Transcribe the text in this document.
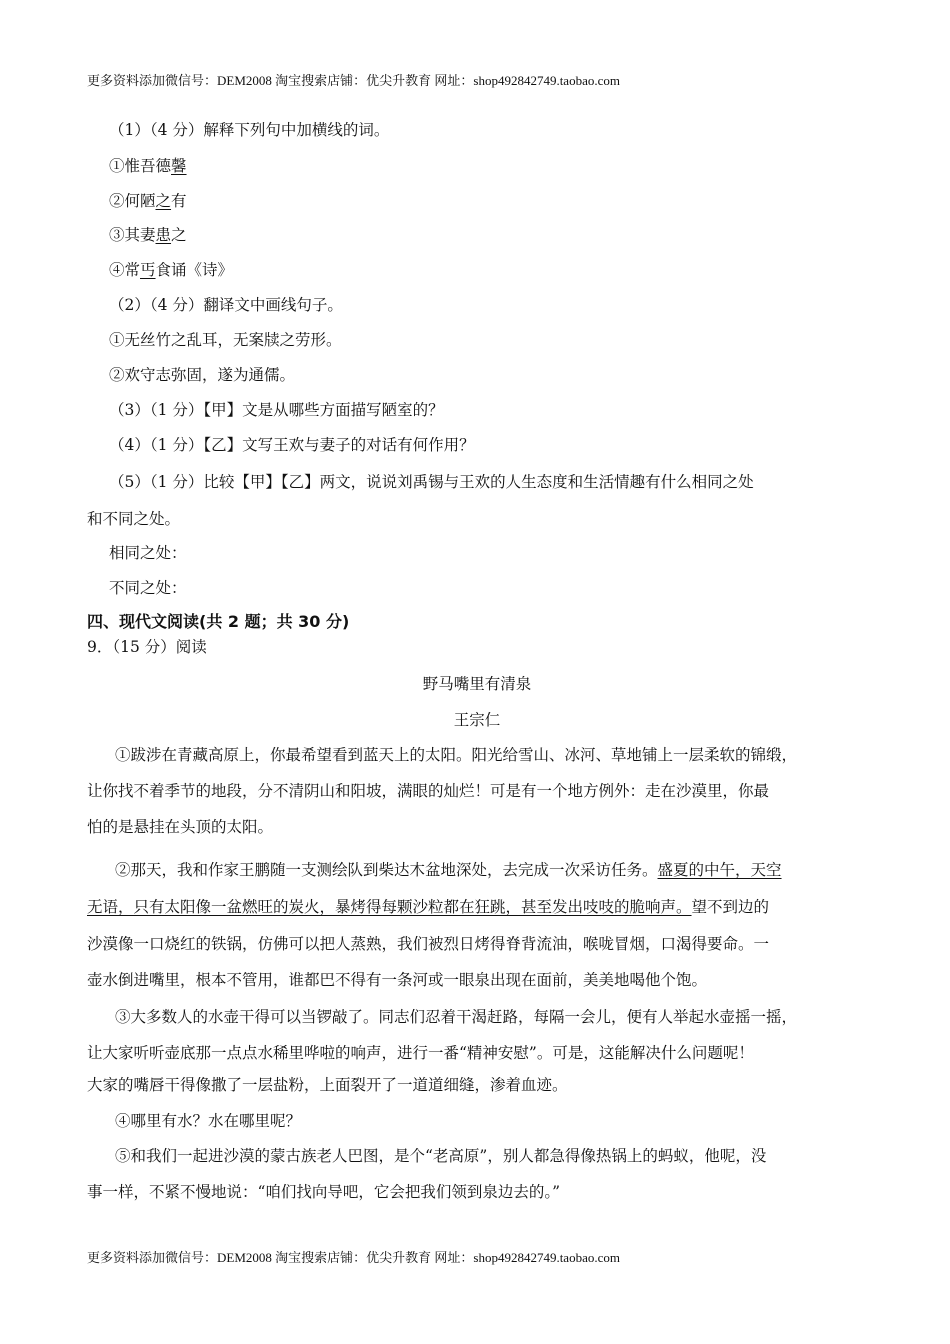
更多资料添加微信号：DEM2008 淘宝搜索店铺：优尖升教育 网址：shop492842749.taobao.com
（1）（4 分）解释下列句中加横线的词。
①惟吾德馨
②何陋之有
③其妻患之
④常丐食诵《诗》
（2）（4 分）翻译文中画线句子。
①无丝竹之乱耳，无案牍之劳形。
②欢守志弥固，遂为通儒。
（3）（1 分）【甲】文是从哪些方面描写陋室的？
（4）（1 分）【乙】文写王欢与妻子的对话有何作用？
（5）（1 分）比较【甲】【乙】两文，说说刘禹锡与王欢的人生态度和生活情趣有什么相同之处
和不同之处。
相同之处：
不同之处：
四、现代文阅读(共 2 题；共 30 分)
9．（15 分）阅读
野马嘴里有清泉
王宗仁
①跋涉在青藏高原上，你最希望看到蓝天上的太阳。阳光给雪山、冰河、草地铺上一层柔软的锦缎，
让你找不着季节的地段，分不清阴山和阳坡，满眼的灿烂！可是有一个地方例外：走在沙漠里，你最
怕的是悬挂在头顶的太阳。
②那天，我和作家王鹏随一支测绘队到柴达木盆地深处，去完成一次采访任务。盛夏的中午，天空
无语，只有太阳像一盆燃旺的炭火，暴烤得每颗沙粒都在狂跳，甚至发出吱吱的脆响声。望不到边的
沙漠像一口烧红的铁锅，仿佛可以把人蒸熟，我们被烈日烤得脊背流油，喉咙冒烟，口渴得要命。一
壶水倒进嘴里，根本不管用，谁都巴不得有一条河或一眼泉出现在面前，美美地喝他个饱。
③大多数人的水壶干得可以当锣敲了。同志们忍着干渴赶路，每隔一会儿，便有人举起水壶摇一摇，
让大家听听壶底那一点点水稀里哗啦的响声，进行一番“精神安慰”。可是，这能解决什么问题呢！
大家的嘴唇干得像撒了一层盐粉，上面裂开了一道道细缝，渗着血迹。
④哪里有水？水在哪里呢？
⑤和我们一起进沙漠的蒙古族老人巴图，是个“老高原”，别人都急得像热锅上的蚂蚁，他呢，没
事一样，不紧不慢地说：“咱们找向导吧，它会把我们领到泉边去的。”
更多资料添加微信号：DEM2008 淘宝搜索店铺：优尖升教育 网址：shop492842749.taobao.com
